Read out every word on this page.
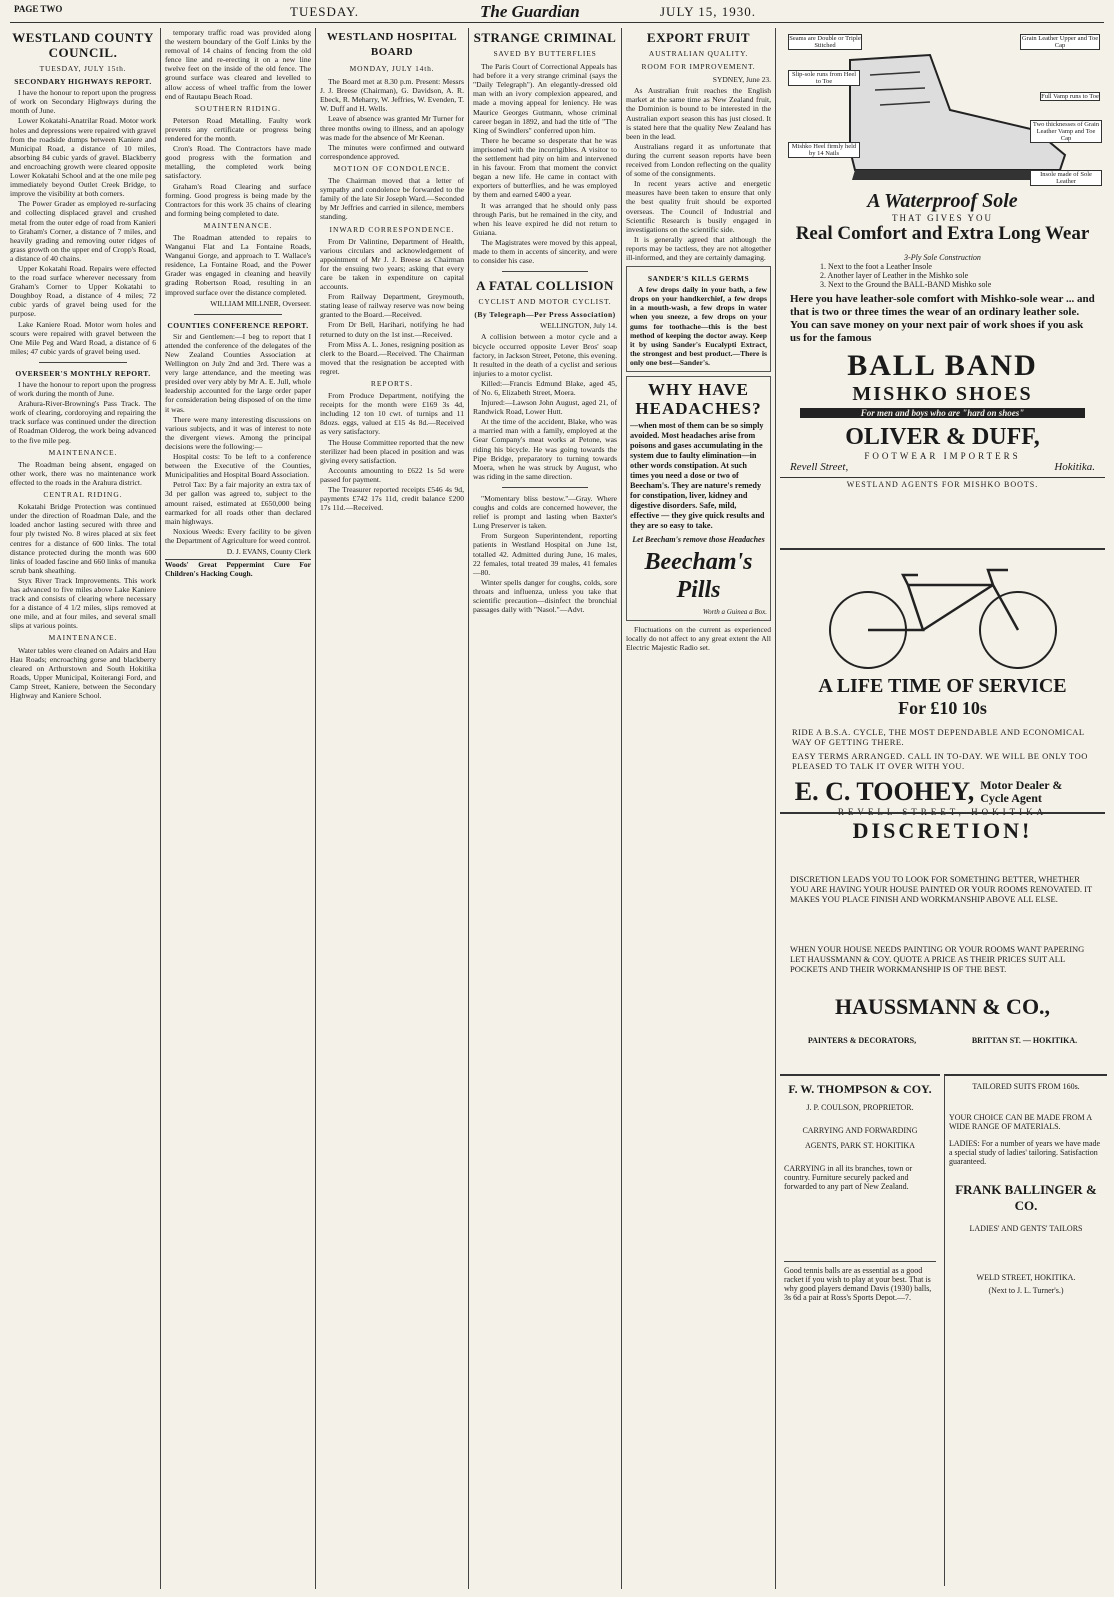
PAGE TWO	TUESDAY.	The Guardian	JULY 15, 1930.
WESTLAND COUNTY COUNCIL.
TUESDAY, JULY 15th.
SECONDARY HIGHWAYS REPORT.

I have the honour to report upon the progress of work on Secondary Highways during the month of June.

Lower Kokatahi-Anatrilar Road. Motor work holes and depressions were repaired with gravel from the roadside dumps between Kaniere and Municipal Road, a distance of 10 miles, absorbing 84 cubic yards of gravel. Blackberry and encroaching growth were cleared opposite Lower Kokatahi School and at the one mile peg immediately beyond Outlet Creek Bridge, to improve the visibility at both corners.

The Power Grader as employed re-surfacing and collecting displaced gravel and crushed metal from the outer edge of road from Kanieri to Graham's Corner, a distance of 7 miles, and heavily grading and removing outer ridges of grass growth on the upper end of Cropp's Road, a distance of 40 chains.

Upper Kokatahi Road. Repairs were effected to the road surface wherever necessary from Graham's Corner to Upper Kokatahi to Doughboy Road, a distance of 4 miles; 72 cubic yards of gravel being used for the purpose.

Lake Kaniere Road. Motor worn holes and scours were repaired with gravel between the One Mile Peg and Ward Road, a distance of 6 miles; 47 cubic yards of gravel being used.

OVERSEER'S MONTHLY REPORT.

I have the honour to report upon the progress of work during the month of June.

Arahura-River-Browning's Pass Track. The work of clearing, cordoroying and repairing the track surface was continued under the direction of Roadman Olderog, the work being advanced to the five mile peg.

MAINTENANCE.

The Roadman being absent, engaged on other work, there was no maintenance work effected to the roads in the Arahura district.

CENTRAL RIDING.

Kokatahi Bridge Protection was continued under the direction of Roadman Dale, and the loaded anchor lasting secured with three and four ply twisted No. 8 wires placed at six feet centres for a distance of 600 links. The total distance protected during the month was 600 links of loaded fascine and 660 links of manuka scrub bank sheathing.

Styx River Track Improvements. This work has advanced to five miles above Lake Kaniere track and consists of clearing where necessary for a distance of 4 1/2 miles, slips removed at one mile, and at four miles, and several small slips at various points.

MAINTENANCE.

Water tables were cleaned on Adairs and Hau Hau Roads; encroaching gorse and blackberry cleared on Arthurstown and South Hokitika Roads, Upper Municipal, Koiterangi Ford, and Camp Street, Kaniere, between the Secondary Highway and Kaniere School.

temporary traffic road was provided along the western boundary of the Golf Links by the removal of 14 chains of fencing from the old fence line and re-erecting it on a new line twelve feet on the inside of the old fence. The ground surface was cleared and levelled to allow access of wheel traffic from the lower end of Rautapu Beach Road.

SOUTHERN RIDING.

Peterson Road Metalling. Faulty work prevents any certificate or progress being rendered for the month.

Cron's Road. The Contractors have made good progress with the formation and metalling, the completed work being satisfactory.

Graham's Road Clearing and surface forming. Good progress is being made by the Contractors for this work 35 chains of clearing and forming being completed to date.

MAINTENANCE.

The Roadman attended to repairs to Wanganui Flat and La Fontaine Roads, Wanganui Gorge, and approach to T. Wallace's residence, La Fontaine Road, and the Power Grader was engaged in cleaning and heavily grading Robertson Road, resulting in an improved surface over the distance completed.

WILLIAM MILLNER, Overseer.
COUNTIES CONFERENCE REPORT.

Sir and Gentlemen:—I beg to report that I attended the conference of the delegates of the New Zealand Counties Association at Wellington on July 2nd and 3rd. There was a very large attendance, and the meeting was presided over very ably by Mr A. E. Jull, whole leadership accounted for the large order paper for consideration being disposed of on the time it was.

There were many interesting discussions on various subjects, and it was of interest to note the divergent views. Among the principal decisions were the following:—

Hospital costs: To be left to a conference between the Executive of the Counties, Municipalities and Hospital Board Association.

Petrol Tax: By a fair majority an extra tax of 3d per gallon was agreed to, subject to the amount raised, estimated at £650,000 being earmarked for all roads other than declared main highways.

Noxious Weeds: Every facility to be given the Department of Agriculture for weed control.

D. J. EVANS, County Clerk
Woods' Great Peppermint Cure For Children's Hacking Cough.
WESTLAND HOSPITAL BOARD
MONDAY, JULY 14th.

The Board met at 8.30 p.m. Present: Messrs J. J. Breese (Chairman), G. Davidson, A. R. Ebeck, R. Meharry, W. Jeffries, W. Evenden, T. W. Duff and H. Wells.

Leave of absence was granted Mr Turner for three months owing to illness, and an apology was made for the absence of Mr Keenan.

The minutes were confirmed and outward correspondence approved.

MOTION OF CONDOLENCE.

The Chairman moved that a letter of sympathy and condolence be forwarded to the family of the late Sir Joseph Ward.—Seconded by Mr Jeffries and carried in silence, members standing.

INWARD CORRESPONDENCE.

From Dr Valintine, Department of Health, various circulars and acknowledgement of appointment of Mr J. J. Breese as Chairman for the ensuing two years; asking that every care be taken in expenditure on capital accounts.

From Railway Department, Greymouth, stating lease of railway reserve was now being granted to the Board.—Received.

From Dr Bell, Harihari, notifying he had returned to duty on the 1st inst.—Received.

From Miss A. L. Jones, resigning position as clerk to the Board.—Received. The Chairman moved that the resignation be accepted with regret.

REPORTS.

From Produce Department, notifying the receipts for the month were £169 3s 4d, including 12 ton 10 cwt. of turnips and 11 8dozs. eggs, valued at £15 4s 8d.—Received as very satisfactory.

The House Committee reported that the new sterilizer had been placed in position and was giving every satisfaction.

Accounts amounting to £622 1s 5d were passed for payment.

The Treasurer reported receipts £546 4s 9d, payments £742 17s 11d, credit balance £200 17s 11d.—Received.

STRANGE CRIMINAL
SAVED BY BUTTERFLIES

The Paris Court of Correctional Appeals has had before it a very strange criminal (says the "Daily Telegraph"). An elegantly-dressed old man with an ivory complexion appeared, and made a moving appeal for leniency. He was Maurice Georges Gutmann, whose criminal career began in 1892, and had the title of "The King of Swindlers" conferred upon him.

There he became so desperate that he was imprisoned with the incorrigibles. A visitor to the settlement had pity on him and intervened in his favour. From that moment the convict began a new life. He came in contact with exporters of butterflies, and he was employed by them and earned £400 a year.

It was arranged that he should only pass through Paris, but he remained in the city, and when his leave expired he did not return to Guiana.

The Magistrates were moved by this appeal, made to them in accents of sincerity, and were to consider his case.

A FATAL COLLISION
CYCLIST AND MOTOR CYCLIST.
(By Telegraph—Per Press Association)
WELLINGTON, July 14.

A collision between a motor cycle and a bicycle occurred opposite Lever Bros' soap factory, in Jackson Street, Petone, this evening. It resulted in the death of a cyclist and serious injuries to a motor cyclist.

Killed:—Francis Edmund Blake, aged 45, of No. 6, Elizabeth Street, Moera.

Injured:—Lawson John August, aged 21, of Randwick Road, Lower Hutt.

At the time of the accident, Blake, who was a married man with a family, employed at the Gear Company's meat works at Petone, was riding his bicycle. He was going towards the Pipe Bridge, preparatory to turning towards Moera, when he was struck by August, who was riding in the same direction.

"Momentary bliss bestow."—Gray. Where coughs and colds are concerned however, the relief is prompt and lasting when Baxter's Lung Preserver is taken.

From Surgeon Superintendent, reporting patients in Westland Hospital on June 1st, totalled 42. Admitted during June, 16 males, 22 females, total treated 39 males, 41 females—80.

Winter spells danger for coughs, colds, sore throats and influenza, unless you take that scientific precaution—disinfect the bronchial passages daily with "Nasol."—Advt.

EXPORT FRUIT
AUSTRALIAN QUALITY.
ROOM FOR IMPROVEMENT.
SYDNEY, June 23.

As Australian fruit reaches the English market at the same time as New Zealand fruit, the Dominion is bound to be interested in the Australian export season this has just closed. It is stated here that the quality New Zealand has been in the lead.

Australians regard it as unfortunate that during the current season reports have been received from London reflecting on the quality of some of the consignments.

In recent years active and energetic measures have been taken to ensure that only the best quality fruit should be exported overseas. The Council of Industrial and Scientific Research is busily engaged in investigations on the scientific side.

It is generally agreed that although the reports may be tactless, they are not altogether ill-informed, and they are certainly damaging.

SANDER'S KILLS GERMS

A few drops daily in your bath, a few drops on your handkerchief, a few drops in a mouth-wash, a few drops in water when you sneeze, a few drops on your gums for toothache—this is the best method of keeping the doctor away. Keep it by using Sander's Eucalypti Extract, the strongest and best product.—There is only one best—Sander's.

WHY HAVE HEADACHES?
—when most of them can be so simply avoided. Most headaches arise from poisons and gases accumulating in the system due to faulty elimination—in other words constipation. At such times you need a dose or two of Beecham's. They are nature's remedy for constipation, liver, kidney and digestive disorders. Safe, mild, effective — they give quick results and they are so easy to take.
Let Beecham's remove those Headaches
Beecham's Pills
Worth a Guinea a Box.

Fluctuations on the current as experienced locally do not affect to any great extent the All Electric Majestic Radio set.

Seams are Double or Triple Stitched
Grain Leather Upper and Toe Cap
Slip-sole runs from Heel to Toe
Full Vamp runs to Toe
Two thicknesses of Grain Leather Vamp and Toe Cap
Mishko Heel firmly held by 14 Nails
Insole made of Sole Leather
A Waterproof Sole
THAT GIVES YOU
Real Comfort and Extra Long Wear
3-Ply Sole Construction
1. Next to the foot a Leather Insole
2. Another layer of Leather in the Mishko sole
3. Next to the Ground the BALL-BAND Mishko sole
Here you have leather-sole comfort with Mishko-sole wear ... and that is two or three times the wear of an ordinary leather sole. You can save money on your next pair of work shoes if you ask us for the famous
BALL BAND
MISHKO SHOES
For men and boys who are "hard on shoes"
OLIVER & DUFF,
FOOTWEAR IMPORTERS
Revell Street,	Hokitika.
WESTLAND AGENTS FOR MISHKO BOOTS.
A LIFE TIME OF SERVICE
For £10 10s
RIDE A B.S.A. CYCLE, THE MOST DEPENDABLE AND ECONOMICAL WAY OF GETTING THERE.
EASY TERMS ARRANGED. CALL IN TO-DAY. WE WILL BE ONLY TOO PLEASED TO TALK IT OVER WITH YOU.
E. C. TOOHEY, Motor Dealer & Cycle Agent
REVELL STREET, HOKITIKA
DISCRETION!
DISCRETION LEADS YOU TO LOOK FOR SOMETHING BETTER, WHETHER YOU ARE HAVING YOUR HOUSE PAINTED OR YOUR ROOMS RENOVATED. IT MAKES YOU PLACE FINISH AND WORKMANSHIP ABOVE ALL ELSE.
WHEN YOUR HOUSE NEEDS PAINTING OR YOUR ROOMS WANT PAPERING LET HAUSSMANN & COY. QUOTE A PRICE AS THEIR PRICES SUIT ALL POCKETS AND THEIR WORKMANSHIP IS OF THE BEST.
HAUSSMANN & CO.,
PAINTERS & DECORATORS,	BRITTAN ST. — HOKITIKA.
F. W. THOMPSON & COY.
J. P. COULSON, PROPRIETOR.
CARRYING AND FORWARDING
AGENTS, PARK ST. HOKITIKA
CARRYING in all its branches, town or country. Furniture securely packed and forwarded to any part of New Zealand.
Good tennis balls are as essential as a good racket if you wish to play at your best. That is why good players demand Davis (1930) balls, 3s 6d a pair at Ross's Sports Depot.—7.
TAILORED SUITS FROM 160s.
YOUR CHOICE CAN BE MADE FROM A WIDE RANGE OF MATERIALS.
LADIES: For a number of years we have made a special study of ladies' tailoring. Satisfaction guaranteed.
FRANK BALLINGER & CO.
LADIES' AND GENTS' TAILORS
WELD STREET, HOKITIKA.
(Next to J. L. Turner's.)
